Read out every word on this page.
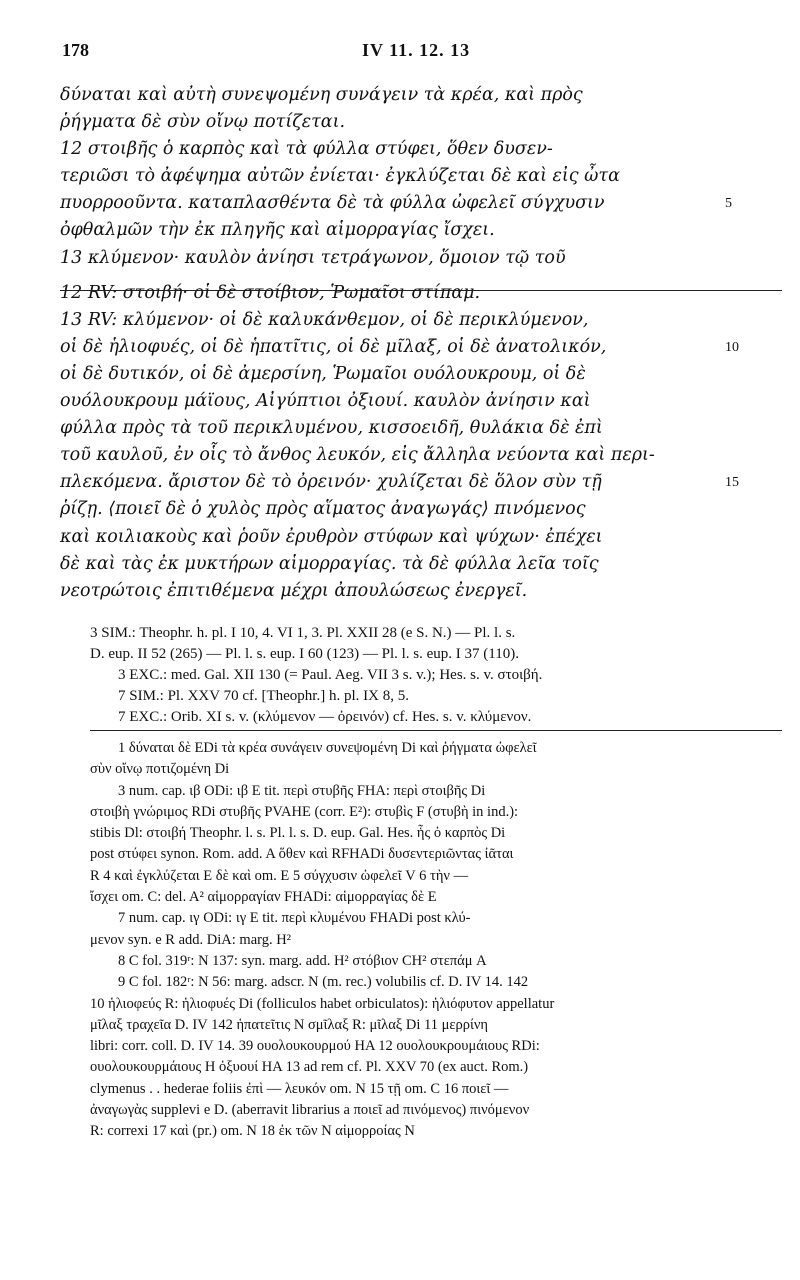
178	IV 11. 12. 13
δύναται καὶ αὐτὴ συνεψομένη συνάγειν τὰ κρέα, καὶ πρὸς
ῥήγματα δὲ σὺν οἴνῳ ποτίζεται.
12 στοιβῆς ὁ καρπὸς καὶ τὰ φύλλα στύφει, ὅθεν δυσεν-
τεριῶσι τὸ ἀφέψημα αὐτῶν ἐνίεται· ἐγκλύζεται δὲ καὶ εἰς ὦτα
πυορροοῦντα. καταπλασθέντα δὲ τὰ φύλλα ὠφελεῖ σύγχυσιν	5
ὀφθαλμῶν τὴν ἐκ πληγῆς καὶ αἱμορραγίας ἴσχει.
13 κλύμενον· καυλὸν ἀνίησι τετράγωνον, ὅμοιον τῷ τοῦ
12 RV: στοιβή· οἱ δὲ στοίβιον, Ῥωμαῖοι στίπαμ.
13 RV: κλύμενον· οἱ δὲ καλυκάνθεμον, οἱ δὲ περικλύμενον,
οἱ δὲ ἡλιοφυές, οἱ δὲ ἡπατῖτις, οἱ δὲ μῖλαξ, οἱ δὲ ἀνατολικόν,	10
οἱ δὲ δυτικόν, οἱ δὲ ἀμερσίνη, Ῥωμαῖοι ουόλουκρουμ, οἱ δὲ
ουόλουκρουμ μάϊους, Αἰγύπτιοι ὀξιουί. καυλὸν ἀνίησιν καὶ
φύλλα πρὸς τὰ τοῦ περικλυμένου, κισσοειδῆ, θυλάκια δὲ ἐπὶ
τοῦ καυλοῦ, ἐν οἷς τὸ ἄνθος λευκόν, εἰς ἄλληλα νεύοντα καὶ περι-
πλεκόμενα. ἄριστον δὲ τὸ ὀρεινόν· χυλίζεται δὲ ὅλον σὺν τῇ	15
ῥίζῃ. ⟨ποιεῖ δὲ ὁ χυλὸς πρὸς αἵματος ἀναγωγάς⟩ πινόμενος
καὶ κοιλιακοὺς καὶ ῥοῦν ἐρυθρὸν στύφων καὶ ψύχων· ἐπέχει
δὲ καὶ τὰς ἐκ μυκτήρων αἱμορραγίας. τὰ δὲ φύλλα λεῖα τοῖς
νεοτρώτοις ἐπιτιθέμενα μέχρι ἀπουλώσεως ἐνεργεῖ.
3 SIM.: Theophr. h. pl. I 10, 4. VI 1, 3. Pl. XXII 28 (e S. N.) — Pl. l. s.
D. eup. II 52 (265) — Pl. l. s. eup. I 60 (123) — Pl. l. s. eup. I 37 (110).
3 EXC.: med. Gal. XII 130 (= Paul. Aeg. VII 3 s. v.); Hes. s. v. στοιβή.
7 SIM.: Pl. XXV 70 cf. [Theophr.] h. pl. IX 8, 5.
7 EXC.: Orib. XI s. v. (κλύμενον — ὀρεινόν) cf. Hes. s. v. κλύμενον.
1 δύναται δὲ EDi τὰ κρέα συνάγειν συνεψομένη Di καὶ ῥήγματα ὠφελεῖ
σὺν οἴνῳ ποτιζομένη Di
3 num. cap. ιβ ODi: ιβ E tit. περὶ στυβῆς FHA: περὶ στοιβῆς Di
στοιβὴ γνώριμος RDi στυβῆς PVAHE (corr. E²): στυβὶς F (στυβὴ in ind.):
stibis Dl: στοιβή Theophr. l. s. Pl. l. s. D. eup. Gal. Hes. ἧς ὁ καρπὸς Di
post στύφει synon. Rom. add. A ὅθεν καὶ RFHADi δυσεντεριῶντας ἰᾶται
R 4 καὶ ἐγκλύζεται E δὲ καὶ om. E 5 σύγχυσιν ὠφελεῖ V 6 τὴν —
ἴσχει om. C: del. A² αἱμορραγίαν FHADi: αἱμορραγίας δὲ E
7 num. cap. ιγ ODi: ιγ E tit. περὶ κλυμένου FHADi post κλύ-
μενον syn. e R add. DiA: marg. H²
8 C fol. 319ʳ: N 137: syn. marg. add. H² στόβιον CH² στεπάμ A
9 C fol. 182ʳ: N 56: marg. adscr. N (m. rec.) volubilis cf. D. IV 14. 142
10 ἡλιοφεύς R: ἡλιοφυές Di (folliculos habet orbiculatos): ἡλιόφυτον appellatur
μῖλαξ τραχεῖα D. IV 142 ἡπατεῖτις N σμῖλαξ R: μῖλαξ Di 11 μερρίνη
libri: corr. coll. D. IV 14. 39 ουολουκουρμού HA 12 ουολουκρουμάιους RDi:
ουολουκουρμάιους H ὀξυουί HA 13 ad rem cf. Pl. XXV 70 (ex auct. Rom.)
clymenus . . hederae foliis ἐπὶ — λευκόν om. N 15 τῇ om. C 16 ποιεῖ —
ἀναγωγὰς supplevi e D. (aberravit librarius a ποιεῖ ad πινόμενος) πινόμενον
R: correxi 17 καὶ (pr.) om. N 18 ἐκ τῶν N αἱμορροίας N
